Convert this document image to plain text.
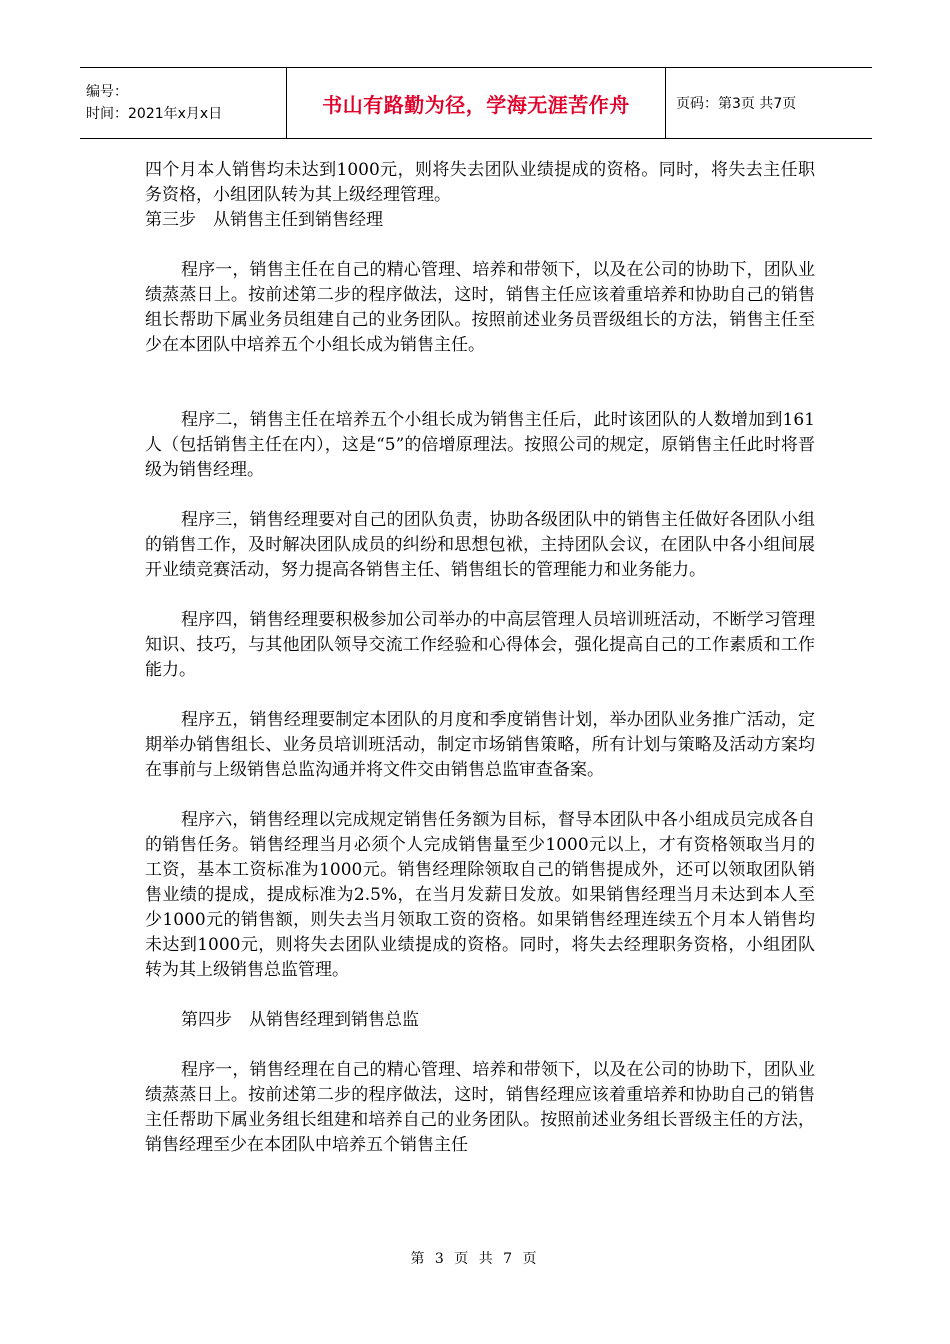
编号：
时间：2021年x月x日	书山有路勤为径，学海无涯苦作舟	页码：第3页 共7页

四个月本人销售均未达到1000元，则将失去团队业绩提成的资格。同时，将失去主任职务资格，小组团队转为其上级经理管理。

第三步　从销售主任到销售经理

程序一，销售主任在自己的精心管理、培养和带领下，以及在公司的协助下，团队业绩蒸蒸日上。按前述第二步的程序做法，这时，销售主任应该着重培养和协助自己的销售组长帮助下属业务员组建自己的业务团队。按照前述业务员晋级组长的方法，销售主任至少在本团队中培养五个小组长成为销售主任。

程序二，销售主任在培养五个小组长成为销售主任后，此时该团队的人数增加到161人（包括销售主任在内），这是“5”的倍增原理法。按照公司的规定，原销售主任此时将晋级为销售经理。

程序三，销售经理要对自己的团队负责，协助各级团队中的销售主任做好各团队小组的销售工作，及时解决团队成员的纠纷和思想包袱，主持团队会议，在团队中各小组间展开业绩竞赛活动，努力提高各销售主任、销售组长的管理能力和业务能力。

程序四，销售经理要积极参加公司举办的中高层管理人员培训班活动，不断学习管理知识、技巧，与其他团队领导交流工作经验和心得体会，强化提高自己的工作素质和工作能力。

程序五，销售经理要制定本团队的月度和季度销售计划，举办团队业务推广活动，定期举办销售组长、业务员培训班活动，制定市场销售策略，所有计划与策略及活动方案均在事前与上级销售总监沟通并将文件交由销售总监审查备案。

程序六，销售经理以完成规定销售任务额为目标，督导本团队中各小组成员完成各自的销售任务。销售经理当月必须个人完成销售量至少1000元以上，才有资格领取当月的工资，基本工资标准为1000元。销售经理除领取自己的销售提成外，还可以领取团队销售业绩的提成，提成标准为2.5%，在当月发薪日发放。如果销售经理当月未达到本人至少1000元的销售额，则失去当月领取工资的资格。如果销售经理连续五个月本人销售均未达到1000元，则将失去团队业绩提成的资格。同时，将失去经理职务资格，小组团队转为其上级销售总监管理。

第四步　从销售经理到销售总监

程序一，销售经理在自己的精心管理、培养和带领下，以及在公司的协助下，团队业绩蒸蒸日上。按前述第二步的程序做法，这时，销售经理应该着重培养和协助自己的销售主任帮助下属业务组长组建和培养自己的业务团队。按照前述业务组长晋级主任的方法，销售经理至少在本团队中培养五个销售主任

第 3 页 共 7 页
